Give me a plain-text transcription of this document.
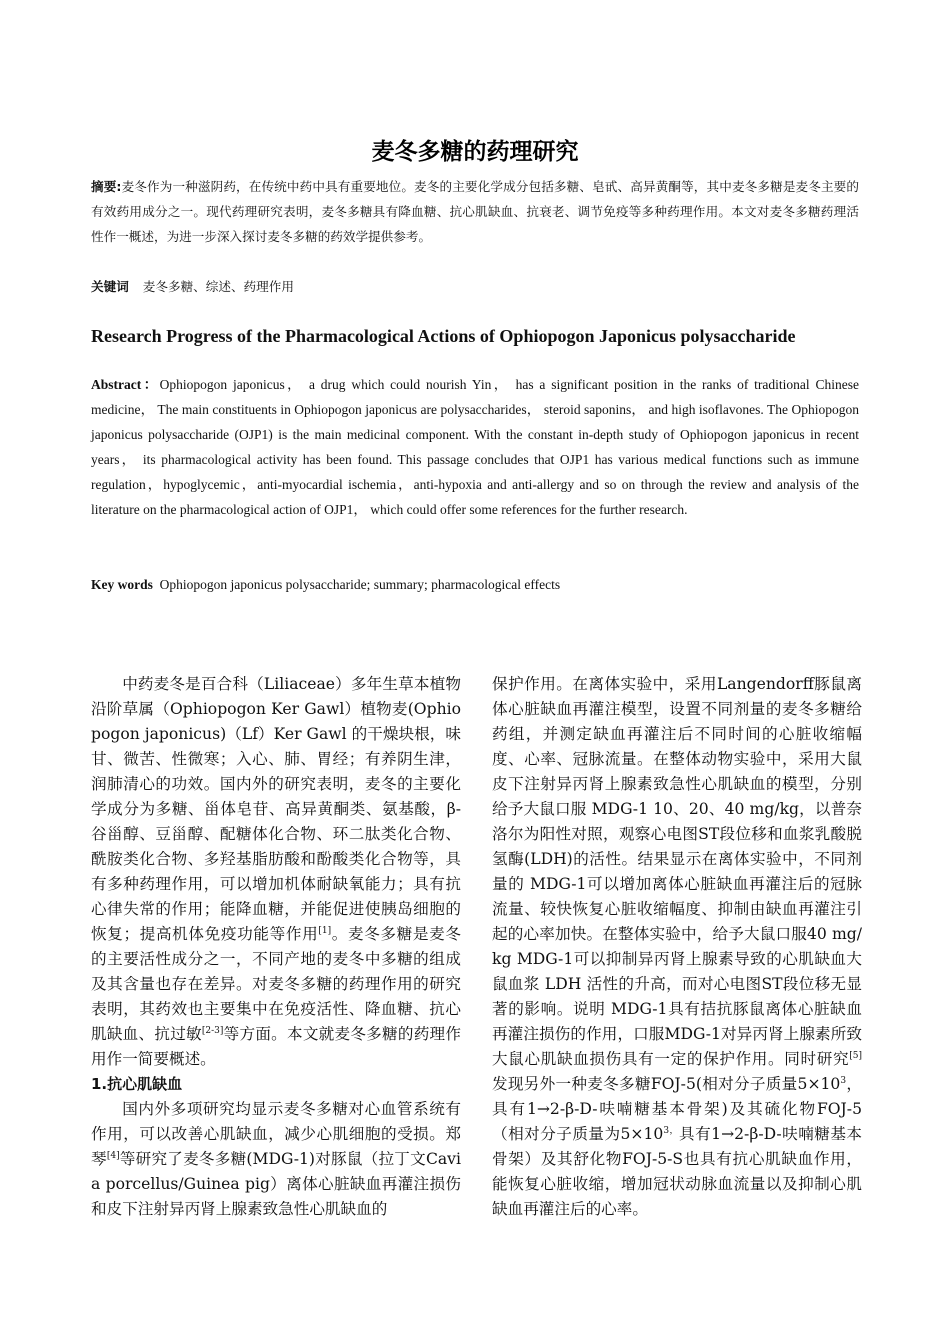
麦冬多糖的药理研究
摘要:麦冬作为一种滋阴药，在传统中药中具有重要地位。麦冬的主要化学成分包括多糖、皂甙、高异黄酮等，其中麦冬多糖是麦冬主要的有效药用成分之一。现代药理研究表明，麦冬多糖具有降血糖、抗心肌缺血、抗衰老、调节免疫等多种药理作用。本文对麦冬多糖药理活性作一概述，为进一步深入探讨麦冬多糖的药效学提供参考。
关键词 麦冬多糖、综述、药理作用
Research Progress of the Pharmacological Actions of Ophiopogon Japonicus polysaccharide
Abstract：Ophiopogon japonicus， a drug which could nourish Yin， has a significant position in the ranks of traditional Chinese medicine， The main constituents in Ophiopogon japonicus are polysaccharides， steroid saponins， and high isoflavones. The Ophiopogon japonicus polysaccharide (OJP1) is the main medicinal component. With the constant in-depth study of Ophiopogon japonicus in recent years， its pharmacological activity has been found. This passage concludes that OJP1 has various medical functions such as immune regulation，hypoglycemic，anti-myocardial ischemia，anti-hypoxia and anti-allergy and so on through the review and analysis of the literature on the pharmacological action of OJP1， which could offer some references for the further research.
Key words Ophiopogon japonicus polysaccharide; summary; pharmacological effects

中药麦冬是百合科（Liliaceae）多年生草本植物沿阶草属（Ophiopogon Ker Gawl）植物麦(Ophiopogon japonicus)（Lf）Ker Gawl 的干燥块根，味甘、微苦、性微寒；入心、肺、胃经；有养阴生津，润肺清心的功效。国内外的研究表明，麦冬的主要化学成分为多糖、甾体皂苷、高异黄酮类、氨基酸，β-谷甾醇、豆甾醇、配糖体化合物、环二肽类化合物、酰胺类化合物、多羟基脂肪酸和酚酸类化合物等，具有多种药理作用，可以增加机体耐缺氧能力；具有抗心律失常的作用；能降血糖，并能促进使胰岛细胞的恢复；提高机体免疫功能等作用[1]。麦冬多糖是麦冬的主要活性成分之一，不同产地的麦冬中多糖的组成及其含量也存在差异。对麦冬多糖的药理作用的研究表明，其药效也主要集中在免疫活性、降血糖、抗心肌缺血、抗过敏[2-3]等方面。本文就麦冬多糖的药理作用作一简要概述。

1.抗心肌缺血

国内外多项研究均显示麦冬多糖对心血管系统有作用，可以改善心肌缺血，减少心肌细胞的受损。郑琴[4]等研究了麦冬多糖(MDG-1)对豚鼠（拉丁文Cavia porcellus/Guinea pig）离体心脏缺血再灌注损伤和皮下注射异丙肾上腺素致急性心肌缺血的

保护作用。在离体实验中，采用Langendorff豚鼠离体心脏缺血再灌注模型，设置不同剂量的麦冬多糖给药组，并测定缺血再灌注后不同时间的心脏收缩幅度、心率、冠脉流量。在整体动物实验中，采用大鼠皮下注射异丙肾上腺素致急性心肌缺血的模型，分别给予大鼠口服 MDG-1 10、20、40 mg/kg，以普奈洛尔为阳性对照，观察心电图ST段位移和血浆乳酸脱氢酶(LDH)的活性。结果显示在离体实验中，不同剂量的 MDG-1可以增加离体心脏缺血再灌注后的冠脉流量、较快恢复心脏收缩幅度、抑制由缺血再灌注引起的心率加快。在整体实验中，给予大鼠口服40 mg/kg MDG-1可以抑制异丙肾上腺素导致的心肌缺血大鼠血浆 LDH 活性的升高，而对心电图ST段位移无显著的影响。说明 MDG-1具有拮抗豚鼠离体心脏缺血再灌注损伤的作用，口服MDG-1对异丙肾上腺素所致大鼠心肌缺血损伤具有一定的保护作用。同时研究[5]发现另外一种麦冬多糖FOJ-5(相对分子质量$5\times 10^3$，具有1→2-β-D-呋喃糖基本骨架)及其硫化物FOJ-5（相对分子质量为$5\times 10^{3,}$具有1→2-β-D-呋喃糖基本骨架）及其舒化物FOJ-5-S也具有抗心肌缺血作用，能恢复心脏收缩，增加冠状动脉血流量以及抑制心肌缺血再灌注后的心率。
